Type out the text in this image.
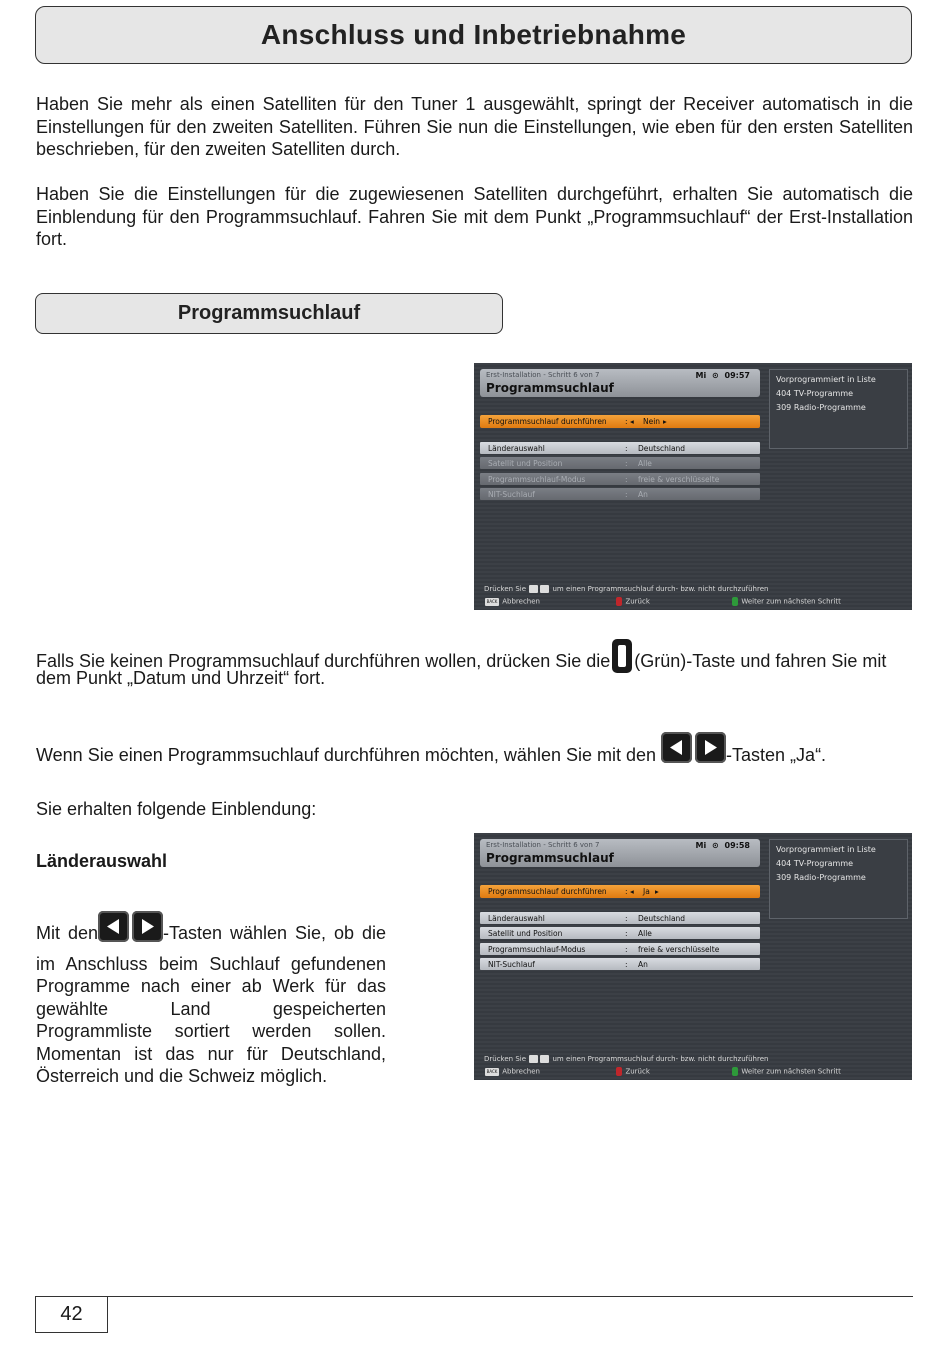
Anschluss und Inbetriebnahme
Haben Sie mehr als einen Satelliten für den Tuner 1 ausgewählt, springt der Receiver automatisch in die Einstellungen für den zweiten Satelliten. Führen Sie nun die Einstellungen, wie eben für den ersten Satelliten beschrieben, für den zweiten Satelliten durch.
Haben Sie die Einstellungen für die zugewiesenen Satelliten durchgeführt, erhalten Sie automatisch die Einblendung für den Programmsuchlauf. Fahren Sie mit dem Punkt „Programmsuchlauf“ der Erst-Installation fort.
Programmsuchlauf
Erst-Installation - Schritt 6 von 7
Programmsuchlauf
Mi ⊙ 09:57	Vorprogrammiert in Liste
404 TV-Programme
309 Radio-Programme
Programmsuchlauf durchführen : ◂ Nein ▸
Länderauswahl	: Deutschland
Satellit und Position	: Alle
Programmsuchlauf-Modus	: freie & verschlüsselte
NIT-Suchlauf	: An
Drücken Sie	um einen Programmsuchlauf durch- bzw. nicht durchzuführen
BACK Abbrechen	Zurück	Weiter zum nächsten Schritt
Falls Sie keinen Programmsuchlauf durchführen wollen, drücken Sie die (Grün)-Taste und fahren Sie mit
dem Punkt „Datum und Uhrzeit“ fort.
Wenn Sie einen Programmsuchlauf durchführen möchten, wählen Sie mit den	-Tasten „Ja“.
Sie erhalten folgende Einblendung:
Länderauswahl
Mit den	-Tasten wählen Sie, ob die im Anschluss beim Suchlauf gefundenen Programme nach einer ab Werk für das gewählte Land gespeicherten Programmliste sortiert werden sollen. Momentan ist das nur für Deutschland, Österreich und die Schweiz möglich.
Erst-Installation - Schritt 6 von 7
Programmsuchlauf
Mi ⊙ 09:58	Vorprogrammiert in Liste
404 TV-Programme
309 Radio-Programme
Programmsuchlauf durchführen : ◂ Ja ▸
Länderauswahl	: Deutschland
Satellit und Position	: Alle
Programmsuchlauf-Modus	: freie & verschlüsselte
NIT-Suchlauf	: An
Drücken Sie	um einen Programmsuchlauf durch- bzw. nicht durchzuführen
BACK Abbrechen	Zurück	Weiter zum nächsten Schritt
42
